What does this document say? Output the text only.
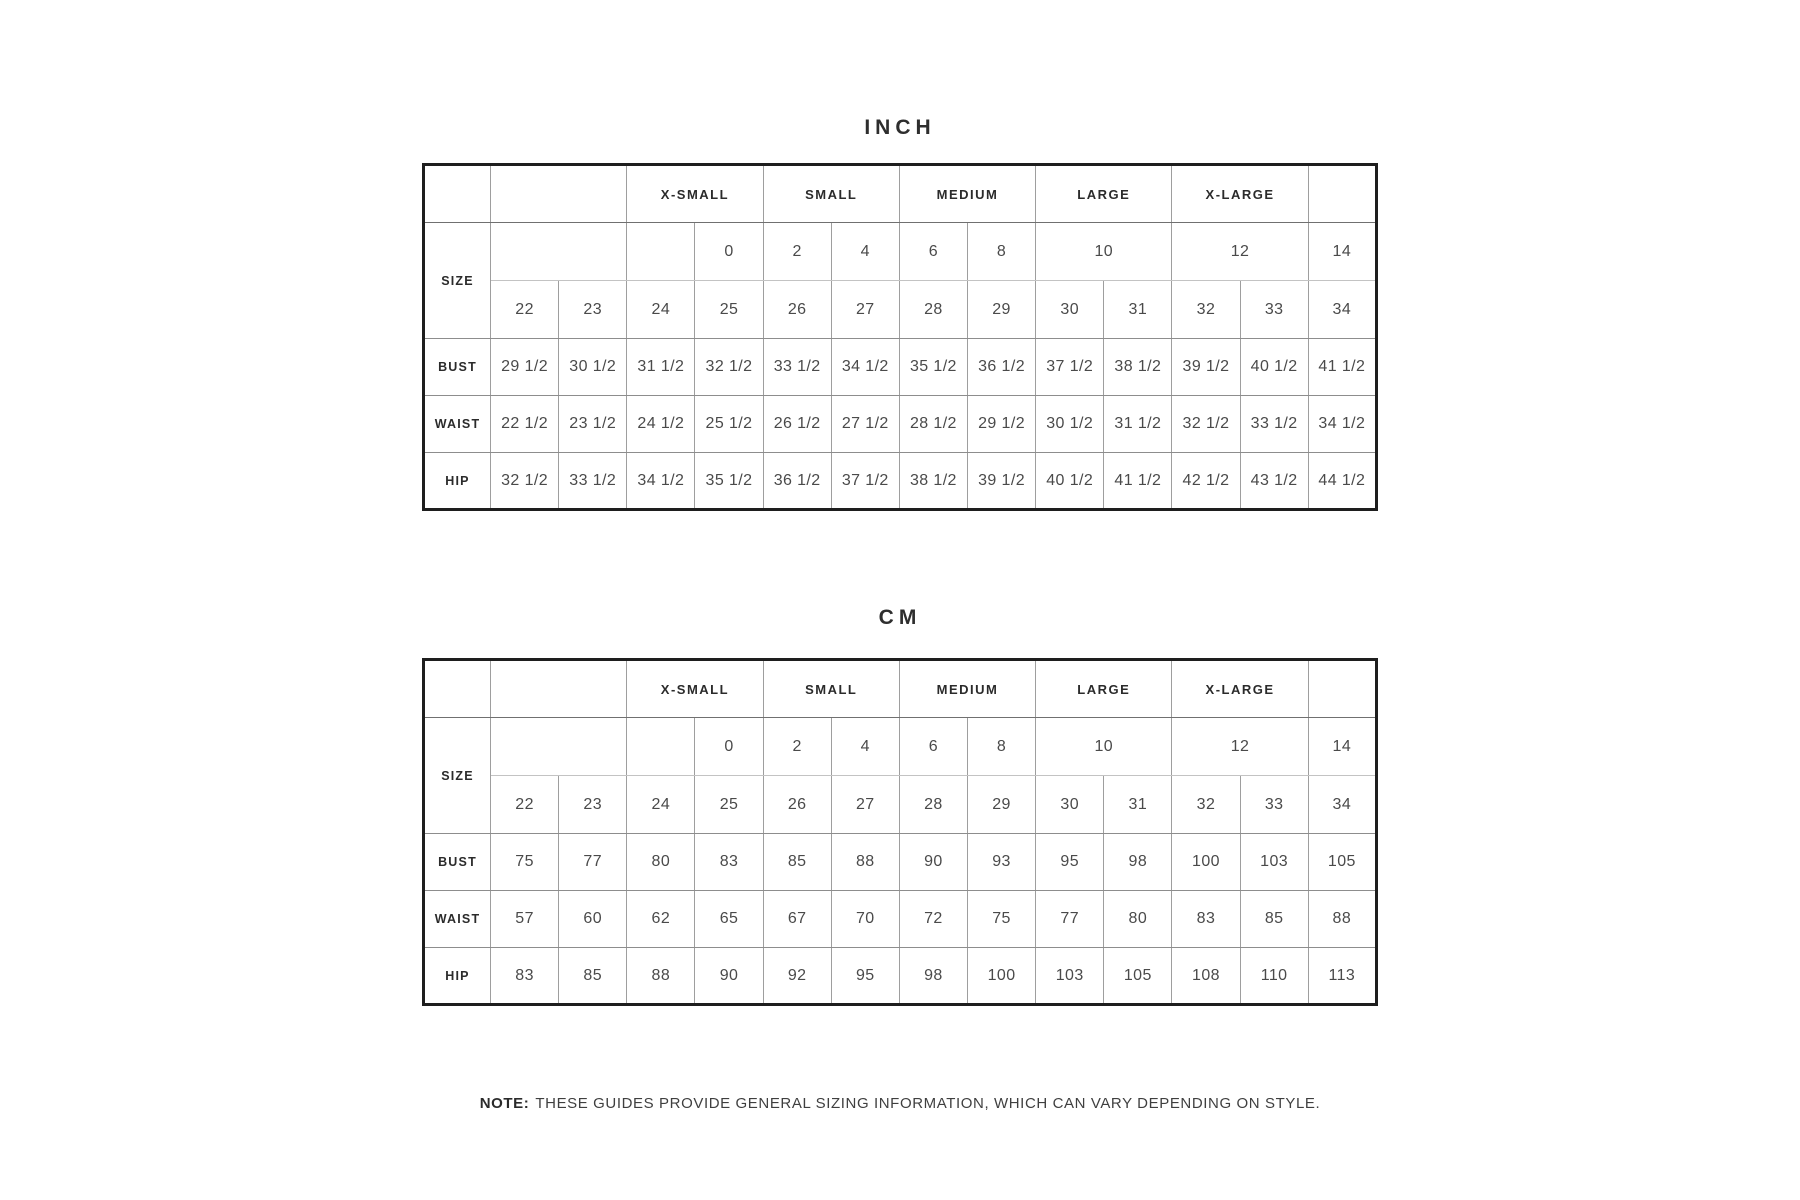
INCH
			X-SMALL		SMALL		MEDIUM		LARGE		X-LARGE		
SIZE				0	2	4	6	8	10		12		14
	22	23	24	25	26	27	28	29	30	31	32	33	34
BUST	29 1/2	30 1/2	31 1/2	32 1/2	33 1/2	34 1/2	35 1/2	36 1/2	37 1/2	38 1/2	39 1/2	40 1/2	41 1/2
WAIST	22 1/2	23 1/2	24 1/2	25 1/2	26 1/2	27 1/2	28 1/2	29 1/2	30 1/2	31 1/2	32 1/2	33 1/2	34 1/2
HIP	32 1/2	33 1/2	34 1/2	35 1/2	36 1/2	37 1/2	38 1/2	39 1/2	40 1/2	41 1/2	42 1/2	43 1/2	44 1/2
CM
			X-SMALL		SMALL		MEDIUM		LARGE		X-LARGE		
SIZE				0	2	4	6	8	10		12		14
	22	23	24	25	26	27	28	29	30	31	32	33	34
BUST	75	77	80	83	85	88	90	93	95	98	100	103	105
WAIST	57	60	62	65	67	70	72	75	77	80	83	85	88
HIP	83	85	88	90	92	95	98	100	103	105	108	110	113

NOTE: THESE GUIDES PROVIDE GENERAL SIZING INFORMATION, WHICH CAN VARY DEPENDING ON STYLE.
